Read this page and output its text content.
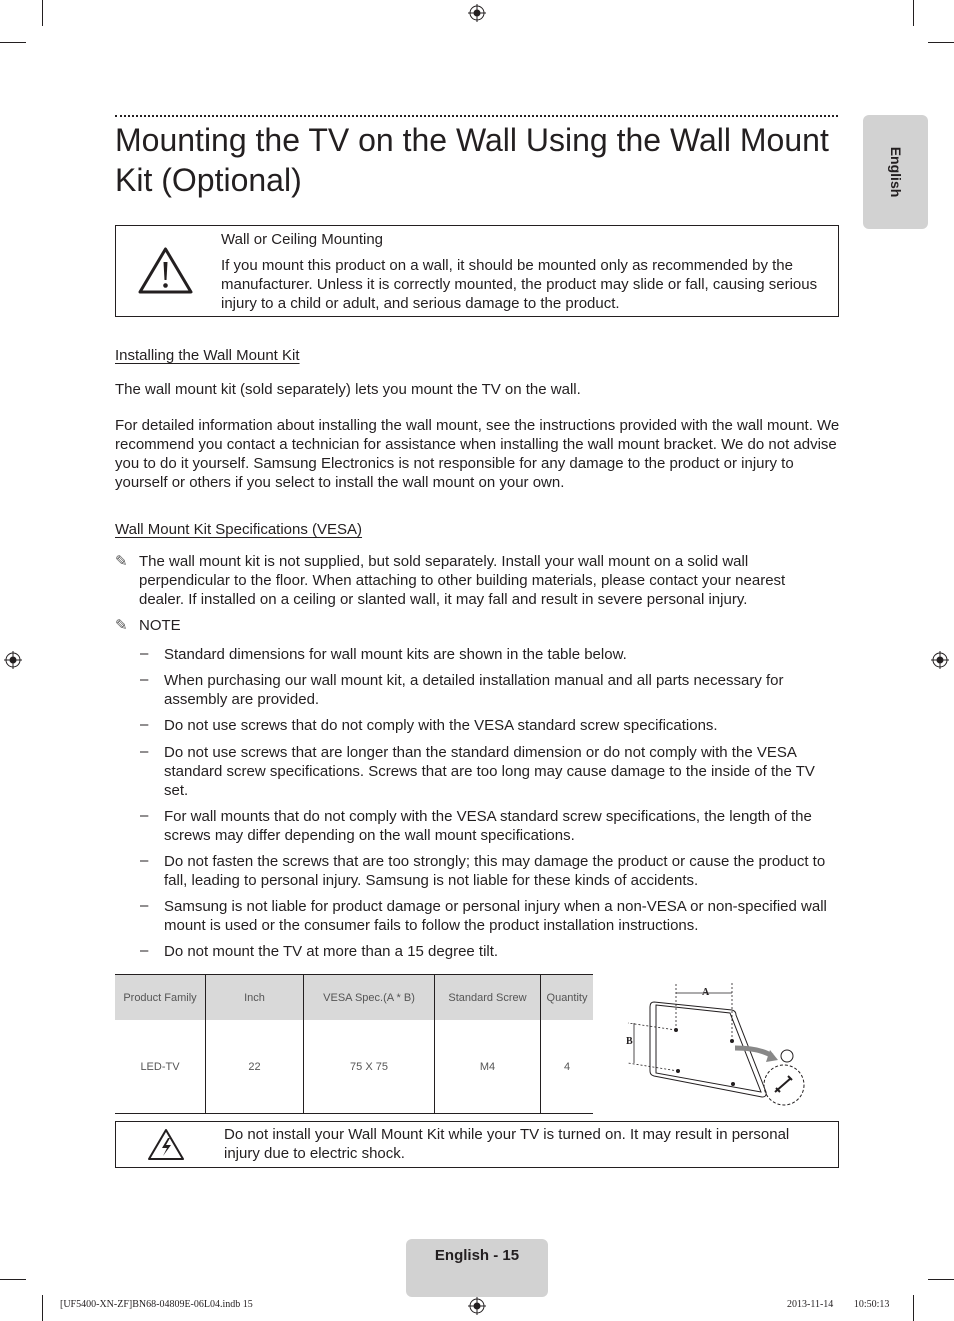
English
Mounting the TV on the Wall Using the Wall Mount Kit (Optional)
Wall or Ceiling Mounting
If you mount this product on a wall, it should be mounted only as recommended by the manufacturer. Unless it is correctly mounted, the product may slide or fall, causing serious injury to a child or adult, and serious damage to the product.
Installing the Wall Mount Kit
The wall mount kit (sold separately) lets you mount the TV on the wall.
For detailed information about installing the wall mount, see the instructions provided with the wall mount. We recommend you contact a technician for assistance when installing the wall mount bracket. We do not advise you to do it yourself. Samsung Electronics is not responsible for any damage to the product or injury to yourself or others if you select to install the wall mount on your own.
Wall Mount Kit Specifications (VESA)
✎ The wall mount kit is not supplied, but sold separately. Install your wall mount on a solid wall perpendicular to the floor. When attaching to other building materials, please contact your nearest dealer. If installed on a ceiling or slanted wall, it may fall and result in severe personal injury.
✎ NOTE
– Standard dimensions for wall mount kits are shown in the table below.
– When purchasing our wall mount kit, a detailed installation manual and all parts necessary for assembly are provided.
– Do not use screws that do not comply with the VESA standard screw specifications.
– Do not use screws that are longer than the standard dimension or do not comply with the VESA standard screw specifications. Screws that are too long may cause damage to the inside of the TV set.
– For wall mounts that do not comply with the VESA standard screw specifications, the length of the screws may differ depending on the wall mount specifications.
– Do not fasten the screws that are too strongly; this may damage the product or cause the product to fall, leading to personal injury. Samsung is not liable for these kinds of accidents.
– Samsung is not liable for product damage or personal injury when a non-VESA or non-specified wall mount is used or the consumer fails to follow the product installation instructions.
– Do not mount the TV at more than a 15 degree tilt.
Product Family	Inch	VESA Spec.(A * B)	Standard Screw	Quantity
LED-TV	22	75 X 75	M4	4
A
B
Do not install your Wall Mount Kit while your TV is turned on. It may result in personal injury due to electric shock.
English - 15
[UF5400-XN-ZF]BN68-04809E-06L04.indb 15	2013-11-14 ￿￿ 10:50:13
